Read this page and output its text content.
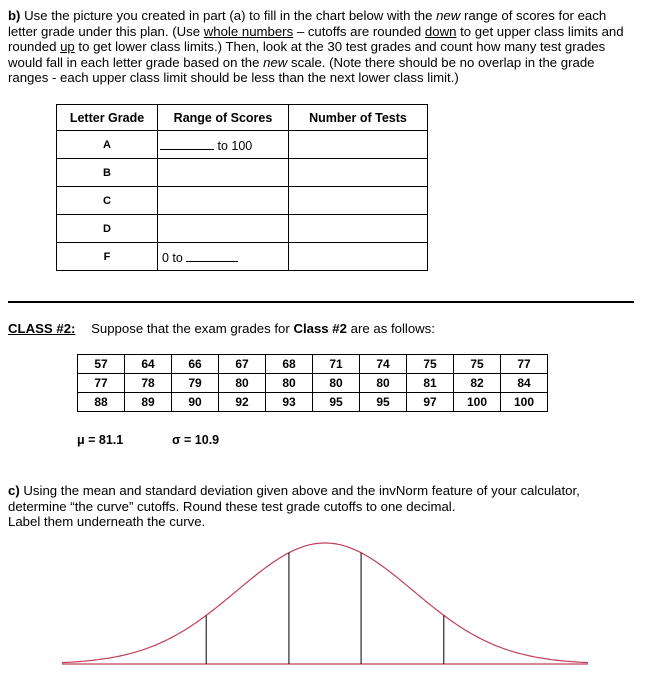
b) Use the picture you created in part (a) to fill in the chart below with the new range of scores for each letter grade under this plan. (Use whole numbers – cutoffs are rounded down to get upper class limits and rounded up to get lower class limits.) Then, look at the 30 test grades and count how many test grades would fall in each letter grade based on the new scale. (Note there should be no overlap in the grade ranges - each upper class limit should be less than the next lower class limit.)

Letter Grade	Range of Scores	Number of Tests
A	to 100	
B		
C		
D		
F	0 to	
CLASS #2: Suppose that the exam grades for Class #2 are as follows:
57	64	66	67	68	71	74	75	75	77
77	78	79	80	80	80	80	81	82	84
88	89	90	92	93	95	95	97	100	100
μ = 81.1	σ = 10.9
c) Using the mean and standard deviation given above and the invNorm feature of your calculator, determine “the curve” cutoffs. Round these test grade cutoffs to one decimal.
Label them underneath the curve.
